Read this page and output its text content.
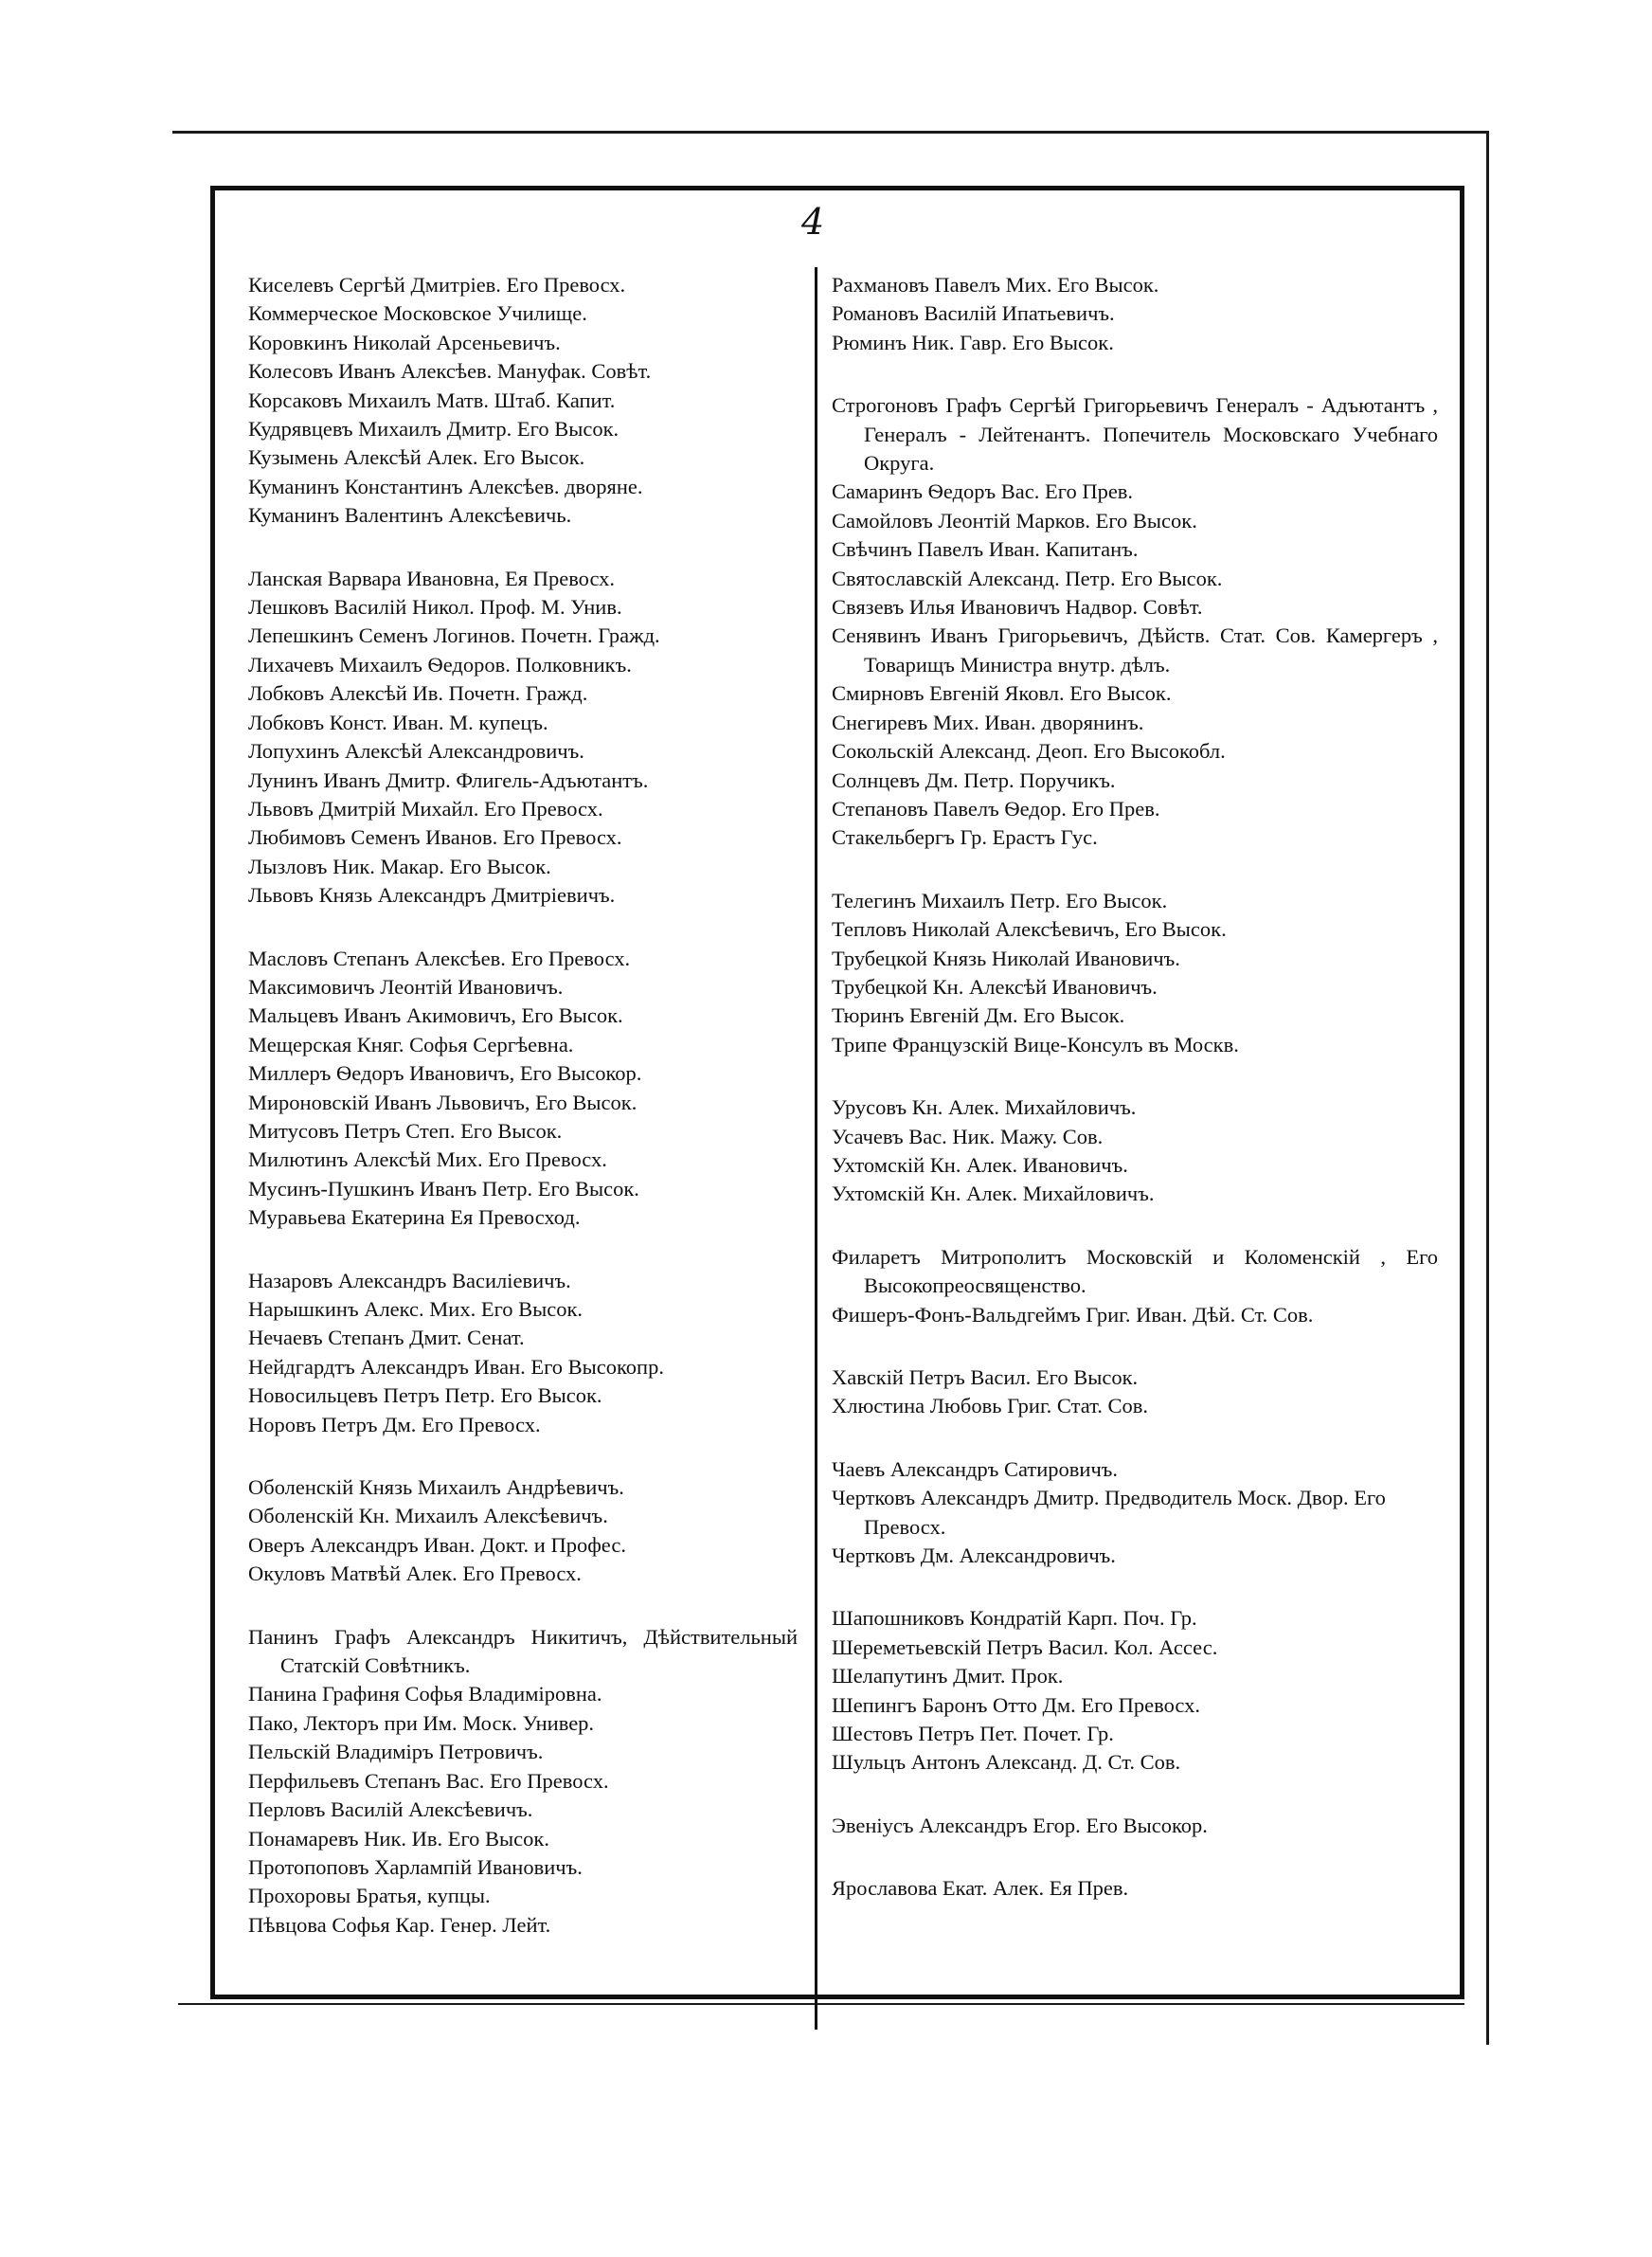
4

Киселевъ Сергѣй Дмитріев. Его Превосх.

Коммерческое Московское Училище.

Коровкинъ Николай Арсеньевичъ.

Колесовъ Иванъ Алексѣев. Мануфак. Совѣт.

Корсаковъ Михаилъ Матв. Штаб. Капит.

Кудрявцевъ Михаилъ Дмитр. Его Высок.

Кузымень Алексѣй Алек. Его Высок.

Куманинъ Константинъ Алексѣев. дворяне.

Куманинъ Валентинъ Алексѣевичь.

Ланская Варвара Ивановна, Ея Превосх.

Лешковъ Василій Никол. Проф. М. Унив.

Лепешкинъ Семенъ Логинов. Почетн. Гражд.

Лихачевъ Михаилъ Ѳедоров. Полковникъ.

Лобковъ Алексѣй Ив. Почетн. Гражд.

Лобковъ Конст. Иван. М. купецъ.

Лопухинъ Алексѣй Александровичъ.

Лунинъ Иванъ Дмитр. Флигель-Адъютантъ.

Львовъ Дмитрій Михайл. Его Превосх.

Любимовъ Семенъ Иванов. Его Превосх.

Лызловъ Ник. Макар. Его Высок.

Львовъ Князь Александръ Дмитріевичъ.

Масловъ Степанъ Алексѣев. Его Превосх.

Максимовичъ Леонтій Ивановичъ.

Мальцевъ Иванъ Акимовичъ, Его Высок.

Мещерская Княг. Софья Сергѣевна.

Миллеръ Ѳедоръ Ивановичъ, Его Высокор.

Мироновскій Иванъ Львовичъ, Его Высок.

Митусовъ Петръ Степ. Его Высок.

Милютинъ Алексѣй Мих. Его Превосх.

Мусинъ-Пушкинъ Иванъ Петр. Его Высок.

Муравьева Екатерина Ея Превосход.

Назаровъ Александръ Василіевичъ.

Нарышкинъ Алекс. Мих. Его Высок.

Нечаевъ Степанъ Дмит. Сенат.

Нейдгардтъ Александръ Иван. Его Высокопр.

Новосильцевъ Петръ Петр. Его Высок.

Норовъ Петръ Дм. Его Превосх.

Оболенскій Князь Михаилъ Андрѣевичъ.

Оболенскій Кн. Михаилъ Алексѣевичъ.

Оверъ Александръ Иван. Докт. и Профес.

Окуловъ Матвѣй Алек. Его Превосх.

Панинъ Графъ Александръ Никитичъ, Дѣйствительный Статскій Совѣтникъ.

Панина Графиня Софья Владиміровна.

Пако, Лекторъ при Им. Моск. Универ.

Пельскій Владиміръ Петровичъ.

Перфильевъ Степанъ Вас. Его Превосх.

Перловъ Василій Алексѣевичъ.

Понамаревъ Ник. Ив. Его Высок.

Протопоповъ Харлампій Ивановичъ.

Прохоровы Братья, купцы.

Пѣвцова Софья Кар. Генер. Лейт.

Рахмановъ Павелъ Мих. Его Высок.

Романовъ Василій Ипатьевичъ.

Рюминъ Ник. Гавр. Его Высок.

Строгоновъ Графъ Сергѣй Григорьевичъ Генералъ - Адъютантъ , Генералъ - Лейтенантъ. Попечитель Московскаго Учебнаго Округа.

Самаринъ Ѳедоръ Вас. Его Прев.

Самойловъ Леонтій Марков. Его Высок.

Свѣчинъ Павелъ Иван. Капитанъ.

Святославскій Александ. Петр. Его Высок.

Связевъ Илья Ивановичъ Надвор. Совѣт.

Сенявинъ Иванъ Григорьевичъ, Дѣйств. Стат. Сов. Камергеръ , Товарищъ Министра внутр. дѣлъ.

Смирновъ Евгеній Яковл. Его Высок.

Снегиревъ Мих. Иван. дворянинъ.

Сокольскій Александ. Деоп. Его Высокобл.

Солнцевъ Дм. Петр. Поручикъ.

Степановъ Павелъ Ѳедор. Его Прев.

Стакельбергъ Гр. Ерастъ Гус.

Телегинъ Михаилъ Петр. Его Высок.

Тепловъ Николай Алексѣевичъ, Его Высок.

Трубецкой Князь Николай Ивановичъ.

Трубецкой Кн. Алексѣй Ивановичъ.

Тюринъ Евгеній Дм. Его Высок.

Трипе Французскій Вице-Консулъ въ Москв.

Урусовъ Кн. Алек. Михайловичъ.

Усачевъ Вас. Ник. Мажу. Сов.

Ухтомскій Кн. Алек. Ивановичъ.

Ухтомскій Кн. Алек. Михайловичъ.

Филаретъ Митрополитъ Московскій и Коломенскій , Его Высокопреосвященство.

Фишеръ-Фонъ-Вальдгеймъ Григ. Иван. Дѣй. Ст. Сов.

Хавскій Петръ Васил. Его Высок.

Хлюстина Любовь Григ. Стат. Сов.

Чаевъ Александръ Сатировичъ.

Чертковъ Александръ Дмитр. Предводитель Моск. Двор. Его Превосх.

Чертковъ Дм. Александровичъ.

Шапошниковъ Кондратій Карп. Поч. Гр.

Шереметьевскій Петръ Васил. Кол. Ассес.

Шелапутинъ Дмит. Прок.

Шепингъ Баронъ Отто Дм. Его Превосх.

Шестовъ Петръ Пет. Почет. Гр.

Шульцъ Антонъ Александ. Д. Ст. Сов.

Эвеніусъ Александръ Егор. Его Высокор.

Ярославова Екат. Алек. Ея Прев.
